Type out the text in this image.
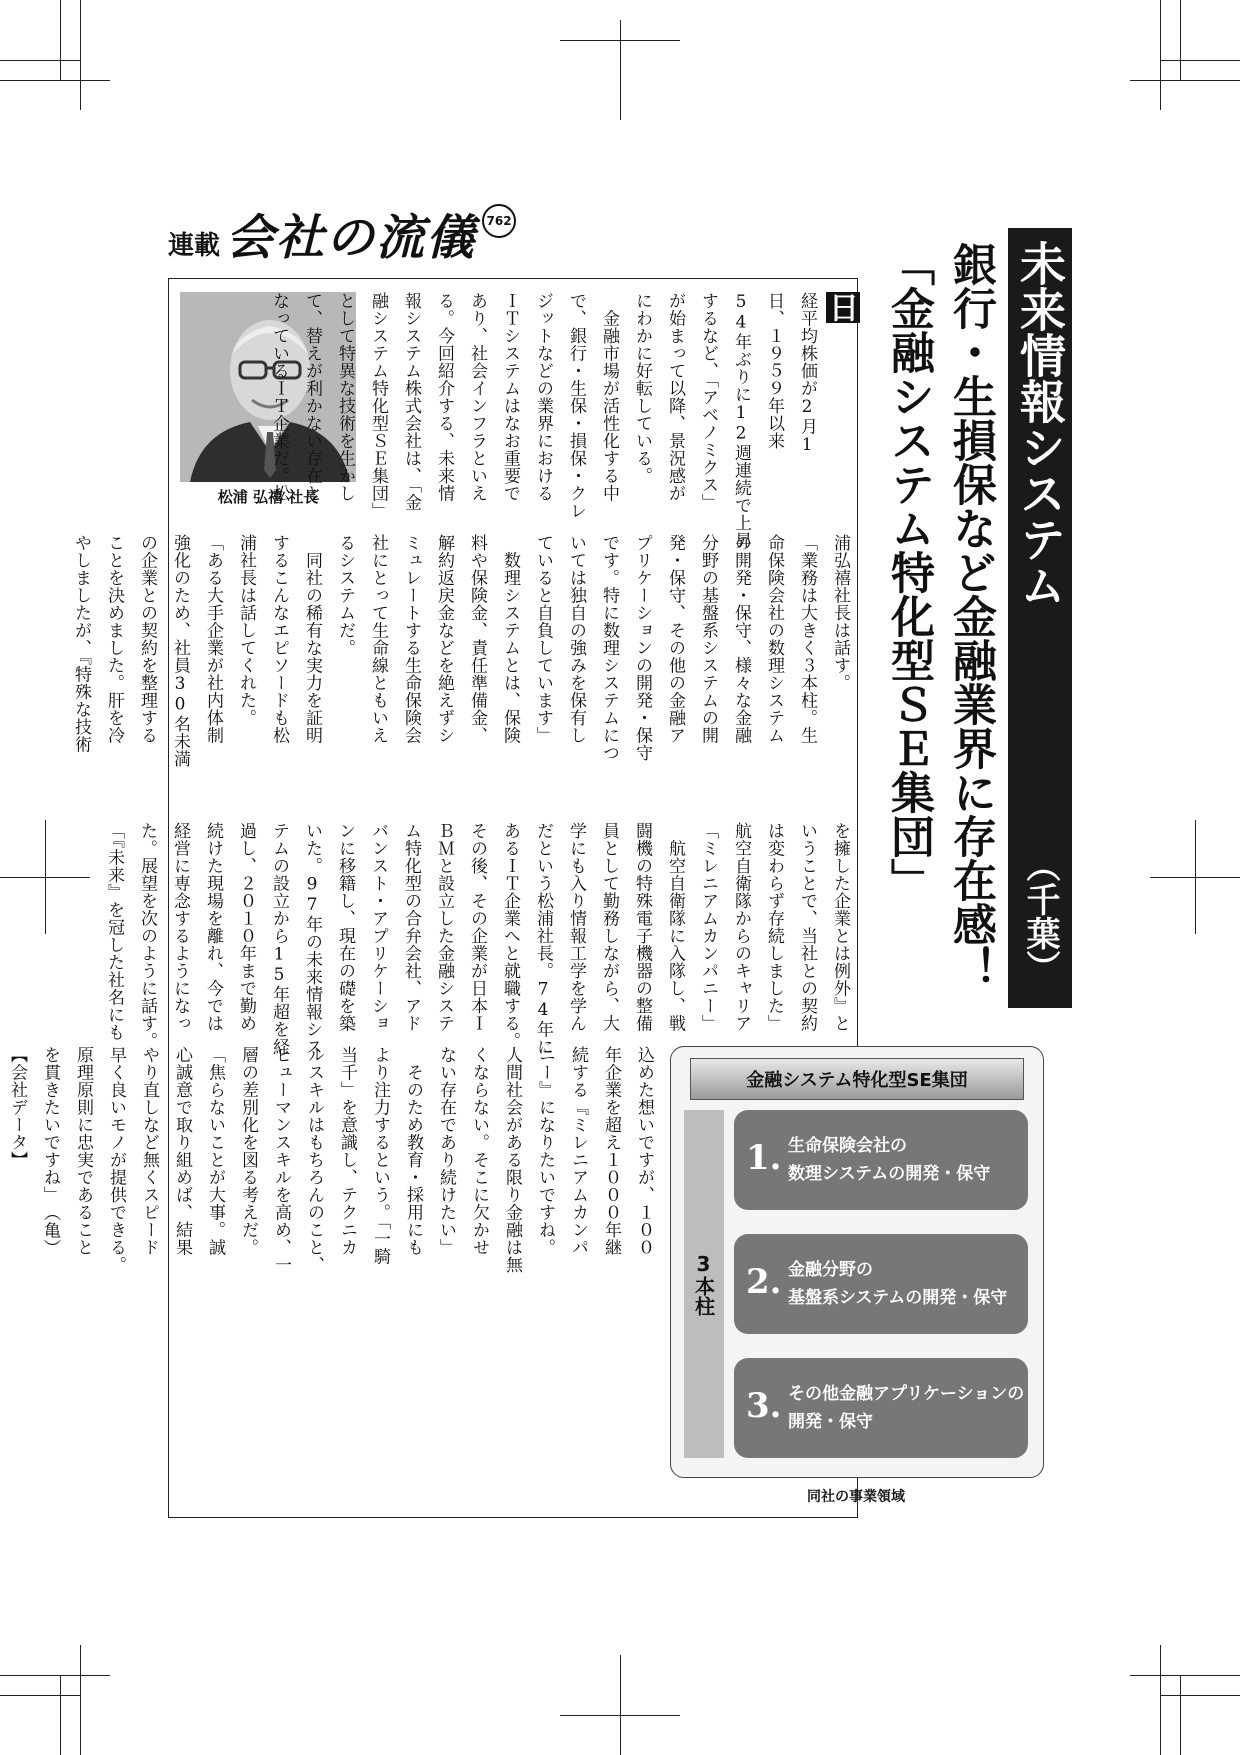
連載 会社の流儀 762
未来情報システム
（千葉）
銀行・生損保など金融業界に存在感！
「金融システム特化型ＳＥ集団」
松浦 弘禧 社長
日
経平均株価が2月1
日、１９５９年以来
54年ぶりに12週連続で上昇
するなど、「アベノミクス」
が始まって以降、景況感が
にわかに好転している。
　金融市場が活性化する中
で、銀行・生保・損保・クレ
ジットなどの業界における
ＩＴシステムはなお重要で
あり、社会インフラといえ
る。今回紹介する、未来情
報システム株式会社は、「金
融システム特化型ＳＥ集団」
として特異な技術を生かし
て、替えが利かない存在と
なっているＩＴ企業だ。松
浦弘禧社長は話す。
「業務は大きく３本柱。生
命保険会社の数理システム
の開発・保守、様々な金融
分野の基盤系システムの開
発・保守、その他の金融ア
プリケーションの開発・保守
です。特に数理システムにつ
いては独自の強みを保有し
ていると自負しています」
　数理システムとは、保険
料や保険金、責任準備金、
解約返戻金などを絶えずシ
ミュレートする生命保険会
社にとって生命線ともいえ
るシステムだ。
　同社の稀有な実力を証明
するこんなエピソードも松
浦社長は話してくれた。
「ある大手企業が社内体制
強化のため、社員30名未満
の企業との契約を整理する
ことを決めました。肝を冷
やしましたが、『特殊な技術
を擁した企業とは例外』と
いうことで、当社との契約
は変わらず存続しました」
航空自衛隊からのキャリア
「ミレニアムカンパニー」
　航空自衛隊に入隊し、戦
闘機の特殊電子機器の整備
員として勤務しながら、大
学にも入り情報工学を学ん
だという松浦社長。74年に
あるＩＴ企業へと就職する。
その後、その企業が日本Ｉ
ＢＭと設立した金融システ
ム特化型の合弁会社、アド
バンスト・アプリケーショ
ンに移籍し、現在の礎を築
いた。97年の未来情報シス
テムの設立から15年超を経
過し、２０１０年まで勤め
続けた現場を離れ、今では
経営に専念するようになっ
た。展望を次のように話す。
「『未来』を冠した社名にも
込めた想いですが、１００
年企業を超え１０００年継
続する『ミレニアムカンパ
ニー』になりたいですね。
人間社会がある限り金融は無
くならない。そこに欠かせ
ない存在であり続けたい」
　そのため教育・採用にも
より注力するという。「一騎
当千」を意識し、テクニカ
ルスキルはもちろんのこと、
ヒューマンスキルを高め、一
層の差別化を図る考えだ。
「焦らないことが大事。誠
心誠意で取り組めば、結果
やり直しなど無くスピード
早く良いモノが提供できる。
原理原則に忠実であること
を貫きたいですね」　（亀）
【会社データ】	金融システム特化型SE集団
3本柱
1. 生命保険会社の
数理システムの開発・保守
2. 金融分野の
基盤系システムの開発・保守
3. その他金融アプリケーションの
開発・保守
同社の事業領域
